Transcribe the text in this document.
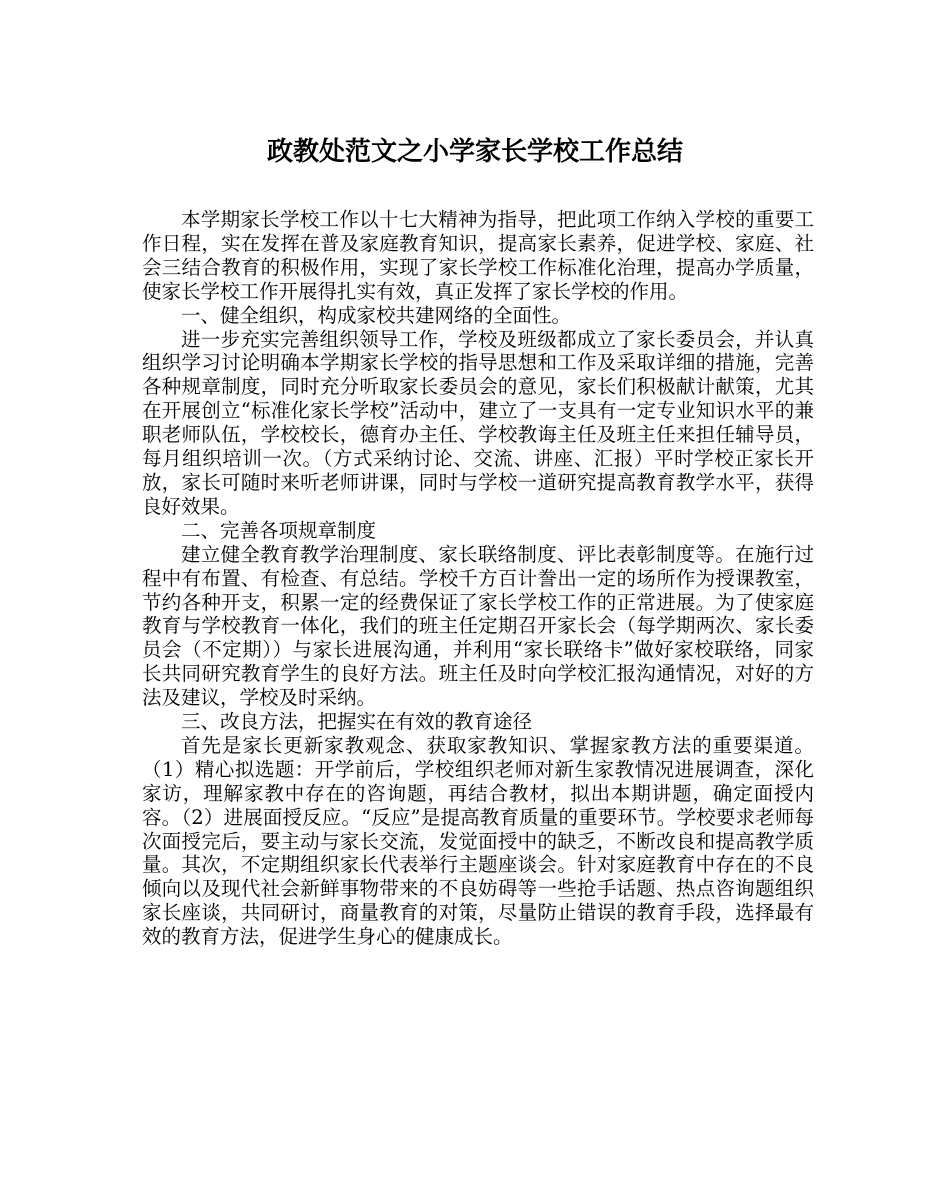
政教处范文之小学家长学校工作总结

本学期家长学校工作以十七大精神为指导，把此项工作纳入学校的重要工作日程，实在发挥在普及家庭教育知识，提高家长素养，促进学校、家庭、社会三结合教育的积极作用，实现了家长学校工作标准化治理，提高办学质量，使家长学校工作开展得扎实有效，真正发挥了家长学校的作用。

一、健全组织，构成家校共建网络的全面性。

进一步充实完善组织领导工作，学校及班级都成立了家长委员会，并认真组织学习讨论明确本学期家长学校的指导思想和工作及采取详细的措施，完善各种规章制度，同时充分听取家长委员会的意见，家长们积极献计献策，尤其在开展创立“标准化家长学校”活动中，建立了一支具有一定专业知识水平的兼职老师队伍，学校校长，德育办主任、学校教诲主任及班主任来担任辅导员，每月组织培训一次。（方式采纳讨论、交流、讲座、汇报）平时学校正家长开放，家长可随时来听老师讲课，同时与学校一道研究提高教育教学水平，获得良好效果。

二、完善各项规章制度

建立健全教育教学治理制度、家长联络制度、评比表彰制度等。在施行过程中有布置、有检查、有总结。学校千方百计誊出一定的场所作为授课教室，节约各种开支，积累一定的经费保证了家长学校工作的正常进展。为了使家庭教育与学校教育一体化，我们的班主任定期召开家长会（每学期两次、家长委员会（不定期））与家长进展沟通，并利用“家长联络卡”做好家校联络，同家长共同研究教育学生的良好方法。班主任及时向学校汇报沟通情况，对好的方法及建议，学校及时采纳。

三、改良方法，把握实在有效的教育途径

首先是家长更新家教观念、获取家教知识、掌握家教方法的重要渠道。（1）精心拟选题：开学前后，学校组织老师对新生家教情况进展调查，深化家访，理解家教中存在的咨询题，再结合教材，拟出本期讲题，确定面授内容。（2）进展面授反应。“反应”是提高教育质量的重要环节。学校要求老师每次面授完后，要主动与家长交流，发觉面授中的缺乏，不断改良和提高教学质量。其次，不定期组织家长代表举行主题座谈会。针对家庭教育中存在的不良倾向以及现代社会新鲜事物带来的不良妨碍等一些抢手话题、热点咨询题组织家长座谈，共同研讨，商量教育的对策，尽量防止错误的教育手段，选择最有效的教育方法，促进学生身心的健康成长。
